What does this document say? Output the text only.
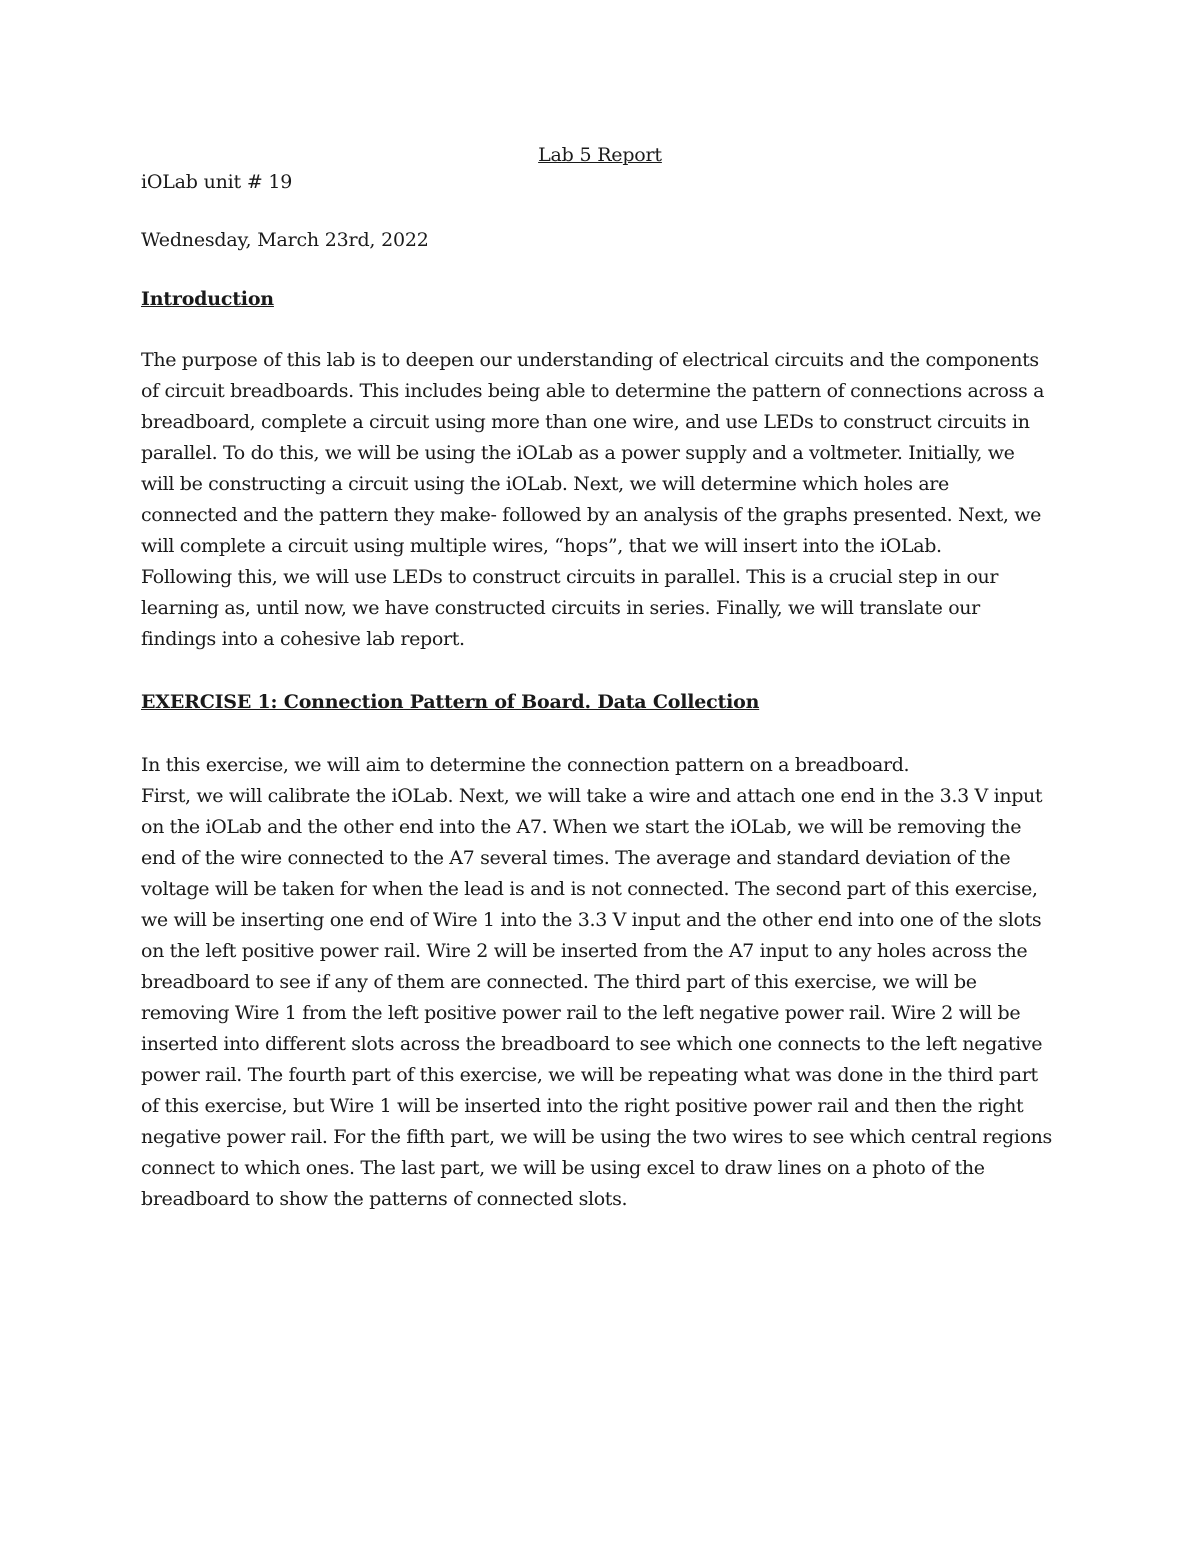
Lab 5 Report
iOLab unit # 19
Wednesday, March 23rd, 2022
Introduction

The purpose of this lab is to deepen our understanding of electrical circuits and the components

of circuit breadboards. This includes being able to determine the pattern of connections across a

breadboard, complete a circuit using more than one wire, and use LEDs to construct circuits in

parallel. To do this, we will be using the iOLab as a power supply and a voltmeter. Initially, we

will be constructing a circuit using the iOLab. Next, we will determine which holes are

connected and the pattern they make- followed by an analysis of the graphs presented. Next, we

will complete a circuit using multiple wires, “hops”, that we will insert into the iOLab.

Following this, we will use LEDs to construct circuits in parallel. This is a crucial step in our

learning as, until now, we have constructed circuits in series. Finally, we will translate our

findings into a cohesive lab report.

EXERCISE 1: Connection Pattern of Board. Data Collection

In this exercise, we will aim to determine the connection pattern on a breadboard.

First, we will calibrate the iOLab. Next, we will take a wire and attach one end in the 3.3 V input

on the iOLab and the other end into the A7. When we start the iOLab, we will be removing the

end of the wire connected to the A7 several times. The average and standard deviation of the

voltage will be taken for when the lead is and is not connected. The second part of this exercise,

we will be inserting one end of Wire 1 into the 3.3 V input and the other end into one of the slots

on the left positive power rail. Wire 2 will be inserted from the A7 input to any holes across the

breadboard to see if any of them are connected. The third part of this exercise, we will be

removing Wire 1 from the left positive power rail to the left negative power rail. Wire 2 will be

inserted into different slots across the breadboard to see which one connects to the left negative

power rail. The fourth part of this exercise, we will be repeating what was done in the third part

of this exercise, but Wire 1 will be inserted into the right positive power rail and then the right

negative power rail. For the fifth part, we will be using the two wires to see which central regions

connect to which ones. The last part, we will be using excel to draw lines on a photo of the

breadboard to show the patterns of connected slots.
